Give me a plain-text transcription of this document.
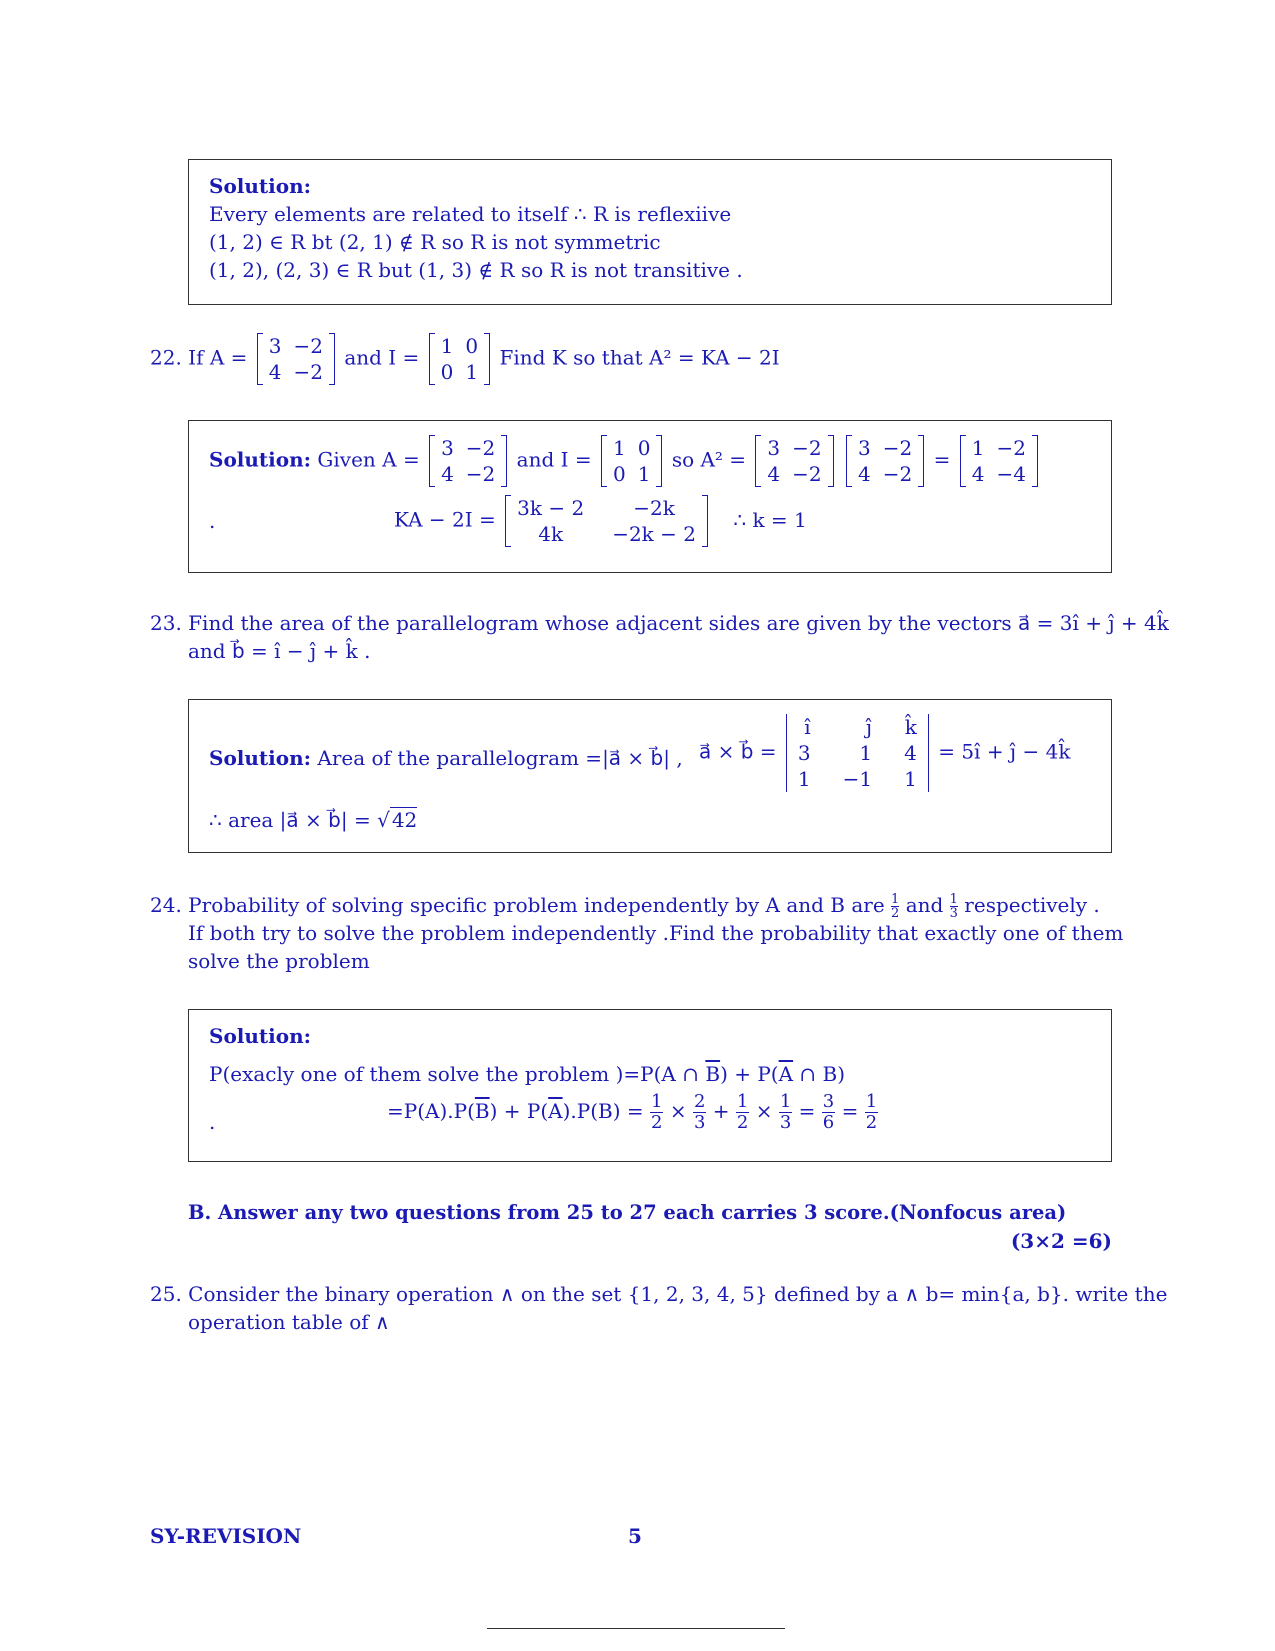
Solution:
Every elements are related to itself ∴ R is reflexiive
(1, 2) ∈ R bt (2, 1) ∉ R so R is not symmetric
(1, 2), (2, 3) ∈ R but (1, 3) ∉ R so R is not transitive .
22. If A = 3	−2
4	−2
and I = 1	0
0	1
Find K so that A² = KA − 2I
Solution: Given A = 3	−2
4	−2
and I = 1	0
0	1
so A² = 3	−2
4	−2

3	−2
4	−2
= 1	−2
4	−4
.	KA − 2I = 3k − 2	−2k
4k	−2k − 2
∴ k = 1
23. Find the area of the parallelogram whose adjacent sides are given by the vectors a⃗ = 3î + ĵ + 4k̂
and b⃗ = î − ĵ + k̂ .
Solution: Area of the parallelogram =|a⃗ × b⃗| , a⃗ × b⃗ =
î	ĵ	k̂
3	1	4
1	−1	1
= 5î + ĵ − 4k̂
∴ area |a⃗ × b⃗| = √ 42
24. Probability of solving specific problem independently by A and B are $\frac{1}{2}$ and $\frac{1}{3}$ respectively .
If both try to solve the problem independently .Find the probability that exactly one of them
solve the problem
Solution:
P(exacly one of them solve the problem )=P(A ∩ $\overline{B}) + P(\overline{A}$ ∩ B)
.	$=P(A).P(\overline{B}) + P(\overline{A}).P(B) = \frac{1}{2} \times \frac{2}{3} + \frac{1}{2} \times \frac{1}{3} = \frac{3}{6} = \frac{1}{2}$
B. Answer any two questions from 25 to 27 each carries 3 score.(Nonfocus area)
(3×2 =6)
25. Consider the binary operation ∧ on the set {1, 2, 3, 4, 5} defined by a ∧ b= min{a, b}. write the
operation table of ∧
SY-REVISION	5
